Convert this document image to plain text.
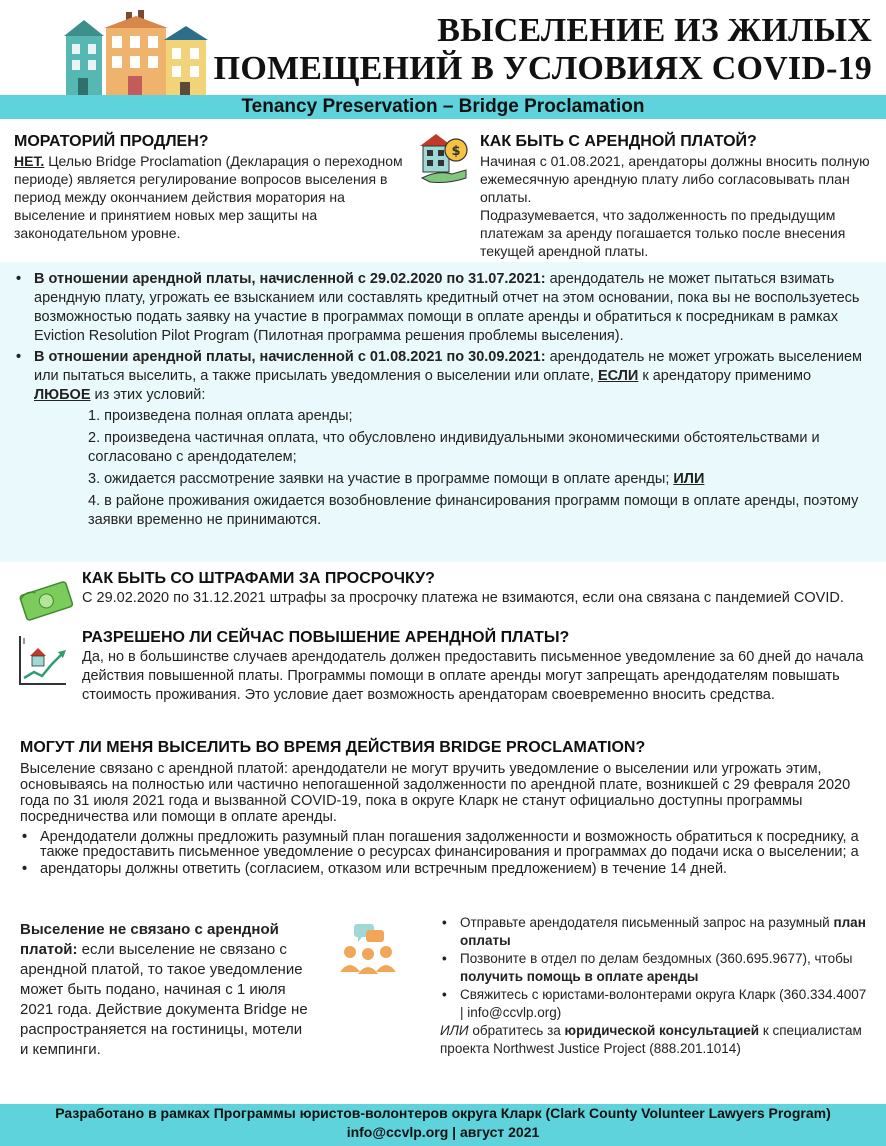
ВЫСЕЛЕНИЕ ИЗ ЖИЛЫХ
ПОМЕЩЕНИЙ В УСЛОВИЯХ COVID-19
Tenancy Preservation – Bridge Proclamation
МОРАТОРИЙ ПРОДЛЕН?
НЕТ. Целью Bridge Proclamation (Декларация о переходном периоде) является регулирование вопросов выселения в период между окончанием действия моратория на выселение и принятием новых мер защиты на законодательном уровне.
$
КАК БЫТЬ С АРЕНДНОЙ ПЛАТОЙ?
Начиная с 01.08.2021, арендаторы должны вносить полную ежемесячную арендную плату либо согласовывать план оплаты.
Подразумевается, что задолженность по предыдущим платежам за аренду погашается только после внесения текущей арендной платы.
• В отношении арендной платы, начисленной с 29.02.2020 по 31.07.2021: арендодатель не может пытаться взимать арендную плату, угрожать ее взысканием или составлять кредитный отчет на этом основании, пока вы не воспользуетесь возможностью подать заявку на участие в программах помощи в оплате аренды и обратиться к посредникам в рамках Eviction Resolution Pilot Program (Пилотная программа решения проблемы выселения).
• В отношении арендной платы, начисленной с 01.08.2021 по 30.09.2021: арендодатель не может угрожать выселением или пытаться выселить, а также присылать уведомления о выселении или оплате, ЕСЛИ к арендатору применимо ЛЮБОЕ из этих условий:
1. произведена полная оплата аренды;
2. произведена частичная оплата, что обусловлено индивидуальными экономическими обстоятельствами и согласовано с арендодателем;
3. ожидается рассмотрение заявки на участие в программе помощи в оплате аренды; ИЛИ
4. в районе проживания ожидается возобновление финансирования программ помощи в оплате аренды, поэтому заявки временно не принимаются.
КАК БЫТЬ СО ШТРАФАМИ ЗА ПРОСРОЧКУ?
С 29.02.2020 по 31.12.2021 штрафы за просрочку платежа не взимаются, если она связана с пандемией COVID.
РАЗРЕШЕНО ЛИ СЕЙЧАС ПОВЫШЕНИЕ АРЕНДНОЙ ПЛАТЫ?
Да, но в большинстве случаев арендодатель должен предоставить письменное уведомление за 60 дней до начала действия повышенной платы. Программы помощи в оплате аренды могут запрещать арендодателям повышать стоимость проживания. Это условие дает возможность арендаторам своевременно вносить средства.
МОГУТ ЛИ МЕНЯ ВЫСЕЛИТЬ ВО ВРЕМЯ ДЕЙСТВИЯ BRIDGE PROCLAMATION?
Выселение связано с арендной платой: арендодатели не могут вручить уведомление о выселении или угрожать этим, основываясь на полностью или частично непогашенной задолженности по арендной плате, возникшей с 29 февраля 2020 года по 31 июля 2021 года и вызванной COVID-19, пока в округе Кларк не станут официально доступны программы посредничества или помощи в оплате аренды.
• Арендодатели должны предложить разумный план погашения задолженности и возможность обратиться к посреднику, а также предоставить письменное уведомление о ресурсах финансирования и программах до подачи иска о выселении; а
• арендаторы должны ответить (согласием, отказом или встречным предложением) в течение 14 дней.
Выселение не связано с арендной платой: если выселение не связано с арендной платой, то такое уведомление может быть подано, начиная с 1 июля 2021 года. Действие документа Bridge не распространяется на гостиницы, мотели и кемпинги.
• Отправьте арендодателя письменный запрос на разумный план оплаты
• Позвоните в отдел по делам бездомных (360.695.9677), чтобы получить помощь в оплате аренды
• Свяжитесь с юристами-волонтерами округа Кларк (360.334.4007 | info@ccvlp.org)
ИЛИ обратитесь за юридической консультацией к специалистам проекта Northwest Justice Project (888.201.1014)
Разработано в рамках Программы юристов-волонтеров округа Кларк (Clark County Volunteer Lawyers Program)
info@ccvlp.org | август 2021
